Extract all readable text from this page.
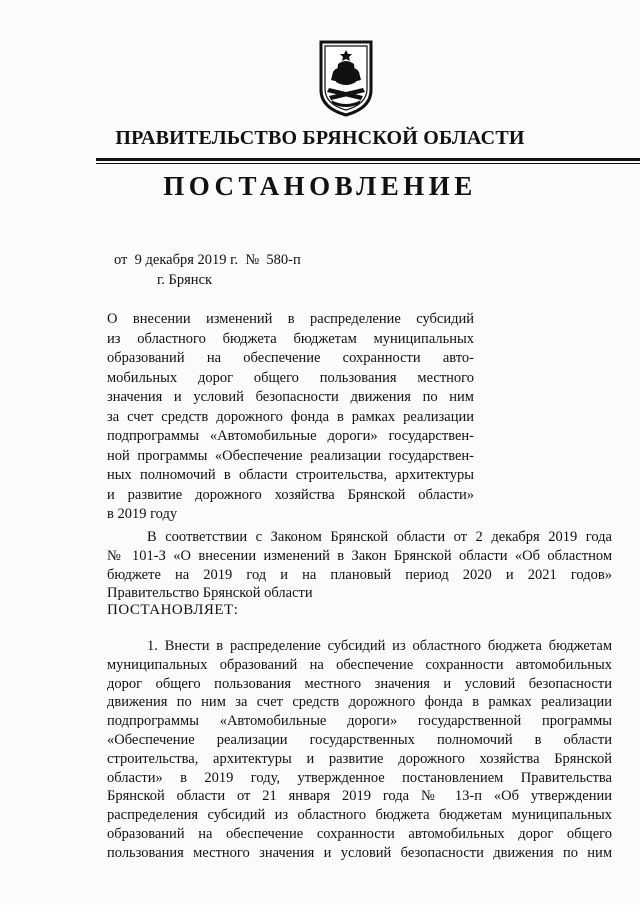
ПРАВИТЕЛЬСТВО БРЯНСКОЙ ОБЛАСТИ
ПОСТАНОВЛЕНИЕ
от  9 декабря 2019 г.  №  580-п
г. Брянск
О внесении изменений в распределение субсидий
из областного бюджета бюджетам муниципальных
образований на обеспечение сохранности авто-
мобильных дорог общего пользования местного
значения и условий безопасности движения по ним
за счет средств дорожного фонда в рамках реализации
подпрограммы «Автомобильные дороги» государствен-
ной программы «Обеспечение реализации государствен-
ных полномочий в области строительства, архитектуры
и развитие дорожного хозяйства Брянской области»
в 2019 году
В соответствии с Законом Брянской области от 2 декабря 2019 года
№ 101-З «О внесении изменений в Закон Брянской области «Об областном
бюджете на 2019 год и на плановый период 2020 и 2021 годов»
Правительство Брянской области
ПОСТАНОВЛЯЕТ:
1. Внести в распределение субсидий из областного бюджета бюджетам
муниципальных образований на обеспечение сохранности автомобильных
дорог общего пользования местного значения и условий безопасности
движения по ним за счет средств дорожного фонда в рамках реализации
подпрограммы «Автомобильные дороги» государственной программы
«Обеспечение реализации государственных полномочий в области
строительства, архитектуры и развитие дорожного хозяйства Брянской
области» в 2019 году, утвержденное постановлением Правительства
Брянской области от 21 января 2019 года № 13-п «Об утверждении
распределения субсидий из областного бюджета бюджетам муниципальных
образований на обеспечение сохранности автомобильных дорог общего
пользования местного значения и условий безопасности движения по ним
